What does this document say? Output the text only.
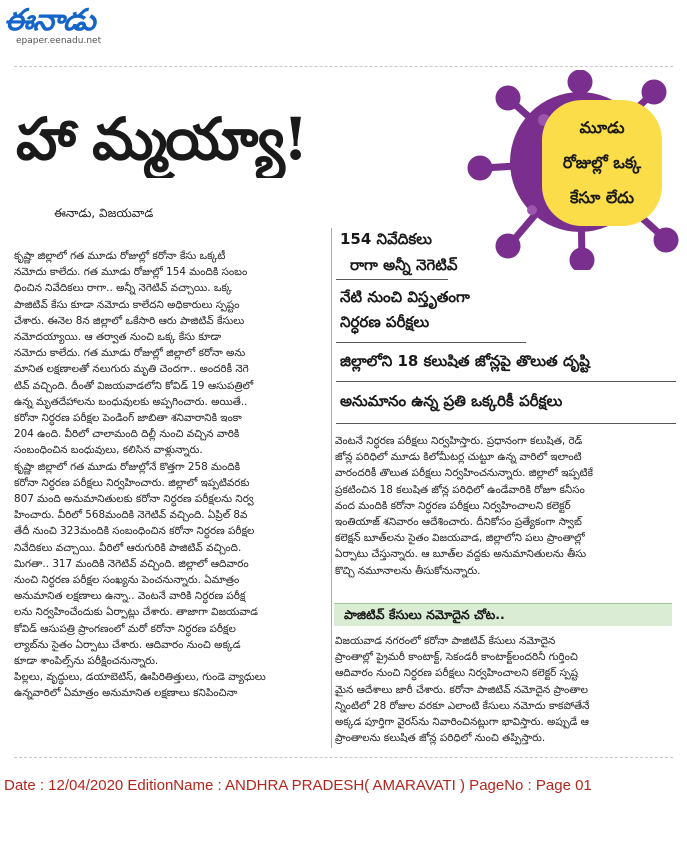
ఈనాడు
epaper.eenadu.net
హా మ్మయ్యా!	మూడు
రోజుల్లో ఒక్క
కేసూ లేదు
ఈనాడు, విజయవాడ
154 నివేదికలు
రాగా అన్నీ నెగెటివ్
నేటి నుంచి విస్తృతంగా
నిర్ధరణ పరీక్షలు
జిల్లాలోని 18 కలుషిత జోన్లపై తొలుత దృష్టి
అనుమానం ఉన్న ప్రతి ఒక్కరికీ పరీక్షలు
కృష్ణా జిల్లాలో గత మూడు రోజుల్లో కరోనా కేసు ఒక్కటీ
నమోదు కాలేదు. గత మూడు రోజుల్లో 154 మందికి సంబం
ధించిన నివేదికలు రాగా.. అన్నీ నెగెటివ్ వచ్చాయి. ఒక్క
పాజిటివ్ కేసు కూడా నమోదు కాలేదని అధికారులు స్పష్టం
చేశారు. ఈనెల 8న జిల్లాలో ఒకేసారి ఆరు పాజిటివ్ కేసులు
నమోదయ్యాయి. ఆ తర్వాత నుంచి ఒక్క కేసు కూడా
నమోదు కాలేదు. గత మూడు రోజుల్లో జిల్లాలో కరోనా అను
మానిత లక్షణాలతో నలుగురు మృతి చెందగా.. అందరికీ నెగె
టివ్ వచ్చింది. దీంతో విజయవాడలోని కోవిడ్ 19 ఆసుపత్రిలో
ఉన్న మృతదేహాలను బంధువులకు అప్పగించారు. అయితే..
కరోనా నిర్ధరణ పరీక్షల పెండింగ్ జాబితా శనివారానికి ఇంకా
204 ఉంది. వీరిలో చాలామంది దిల్లీ నుంచి వచ్చిన వారికి
సంబంధించిన బంధువులు, కలిసిన వాళ్లున్నారు.
కృష్ణా జిల్లాలో గత మూడు రోజుల్లోనే కొత్తగా 258 మందికి
కరోనా నిర్ధరణ పరీక్షలు నిర్వహించారు. జిల్లాలో ఇప్పటివరకు
807 మంది అనుమానితులకు కరోనా నిర్ధరణ పరీక్షలను నిర్వ
హించారు. వీరిలో 568మందికి నెగెటివ్ వచ్చింది. ఏప్రిల్ 8వ
తేదీ నుంచి 323మందికి సంబంధించిన కరోనా నిర్ధరణ పరీక్షల
నివేదికలు వచ్చాయి. వీరిలో ఆరుగురికి పాజిటివ్ వచ్చింది.
మిగతా.. 317 మందికి నెగెటివ్ వచ్చింది. జిల్లాలో ఆదివారం
నుంచి నిర్ధరణ పరీక్షల సంఖ్యను పెంచనున్నారు. ఏమాత్రం
అనుమానిత లక్షణాలు ఉన్నా.. వెంటనే వారికి నిర్ధరణ పరీక్ష
లను నిర్వహించేందుకు ఏర్పాట్లు చేశారు. తాజాగా విజయవాడ
కోవిడ్ ఆసుపత్రి ప్రాంగణంలో మరో కరోనా నిర్ధరణ పరీక్షల
ల్యాబ్‌ను సైతం ఏర్పాటు చేశారు. ఆదివారం నుంచి అక్కడ
కూడా శాంపిల్స్‌ను పరీక్షించనున్నారు.
పిల్లలు, వృద్ధులు, డయాబెటిస్, ఊపిరితిత్తులు, గుండె వ్యాధులు
ఉన్నవారిలో ఏమాత్రం అనుమానిత లక్షణాలు కనిపించినా
వెంటనే నిర్ధరణ పరీక్షలు నిర్వహిస్తారు. ప్రధానంగా కలుషిత, రెడ్
జోన్ల పరిధిలో మూడు కిలోమీటర్ల చుట్టూ ఉన్న వారిలో ఇలాంటి
వారందరికీ తొలుత పరీక్షలు నిర్వహించనున్నారు. జిల్లాలో ఇప్పటికే
ప్రకటించిన 18 కలుషిత జోన్ల పరిధిలో ఉండేవారికి రోజూ కనీసం
వంద మందికి కరోనా నిర్ధరణ పరీక్షలు నిర్వహించాలని కలెక్టర్
ఇంతియాజ్ శనివారం ఆదేశించారు. దీనికోసం ప్రత్యేకంగా స్వాబ్
కలెక్షన్ బూత్‌లను సైతం విజయవాడ, జిల్లాలోని పలు ప్రాంతాల్లో
ఏర్పాటు చేస్తున్నారు. ఆ బూత్‌ల వద్దకు అనుమానితులను తీసు
కొచ్చి నమూనాలను తీసుకోనున్నారు.
పాజిటివ్ కేసులు నమోదైన చోట..
విజయవాడ నగరంలో కరోనా పాజిటివ్ కేసులు నమోదైన
ప్రాంతాల్లో ప్రైమరీ కాంటాక్ట్, సెకండరీ కాంటాక్ట్‌లందరినీ గుర్తించి
ఆదివారం నుంచి నిర్ధరణ పరీక్షలు నిర్వహించాలని కలెక్టర్ స్పష్ట
మైన ఆదేశాలు జారీ చేశారు. కరోనా పాజిటివ్ నమోదైన ప్రాంతాల
న్నింటిలో 28 రోజుల వరకూ ఎలాంటి కేసులు నమోదు కాకపోతేనే
అక్కడ పూర్తిగా వైరస్‌ను నివారించినట్లుగా భావిస్తారు. అప్పుడే ఆ
ప్రాంతాలను కలుషిత జోన్ల పరిధిలో నుంచి తప్పిస్తారు.
Date : 12/04/2020 EditionName : ANDHRA PRADESH( AMARAVATI ) PageNo : Page 01
